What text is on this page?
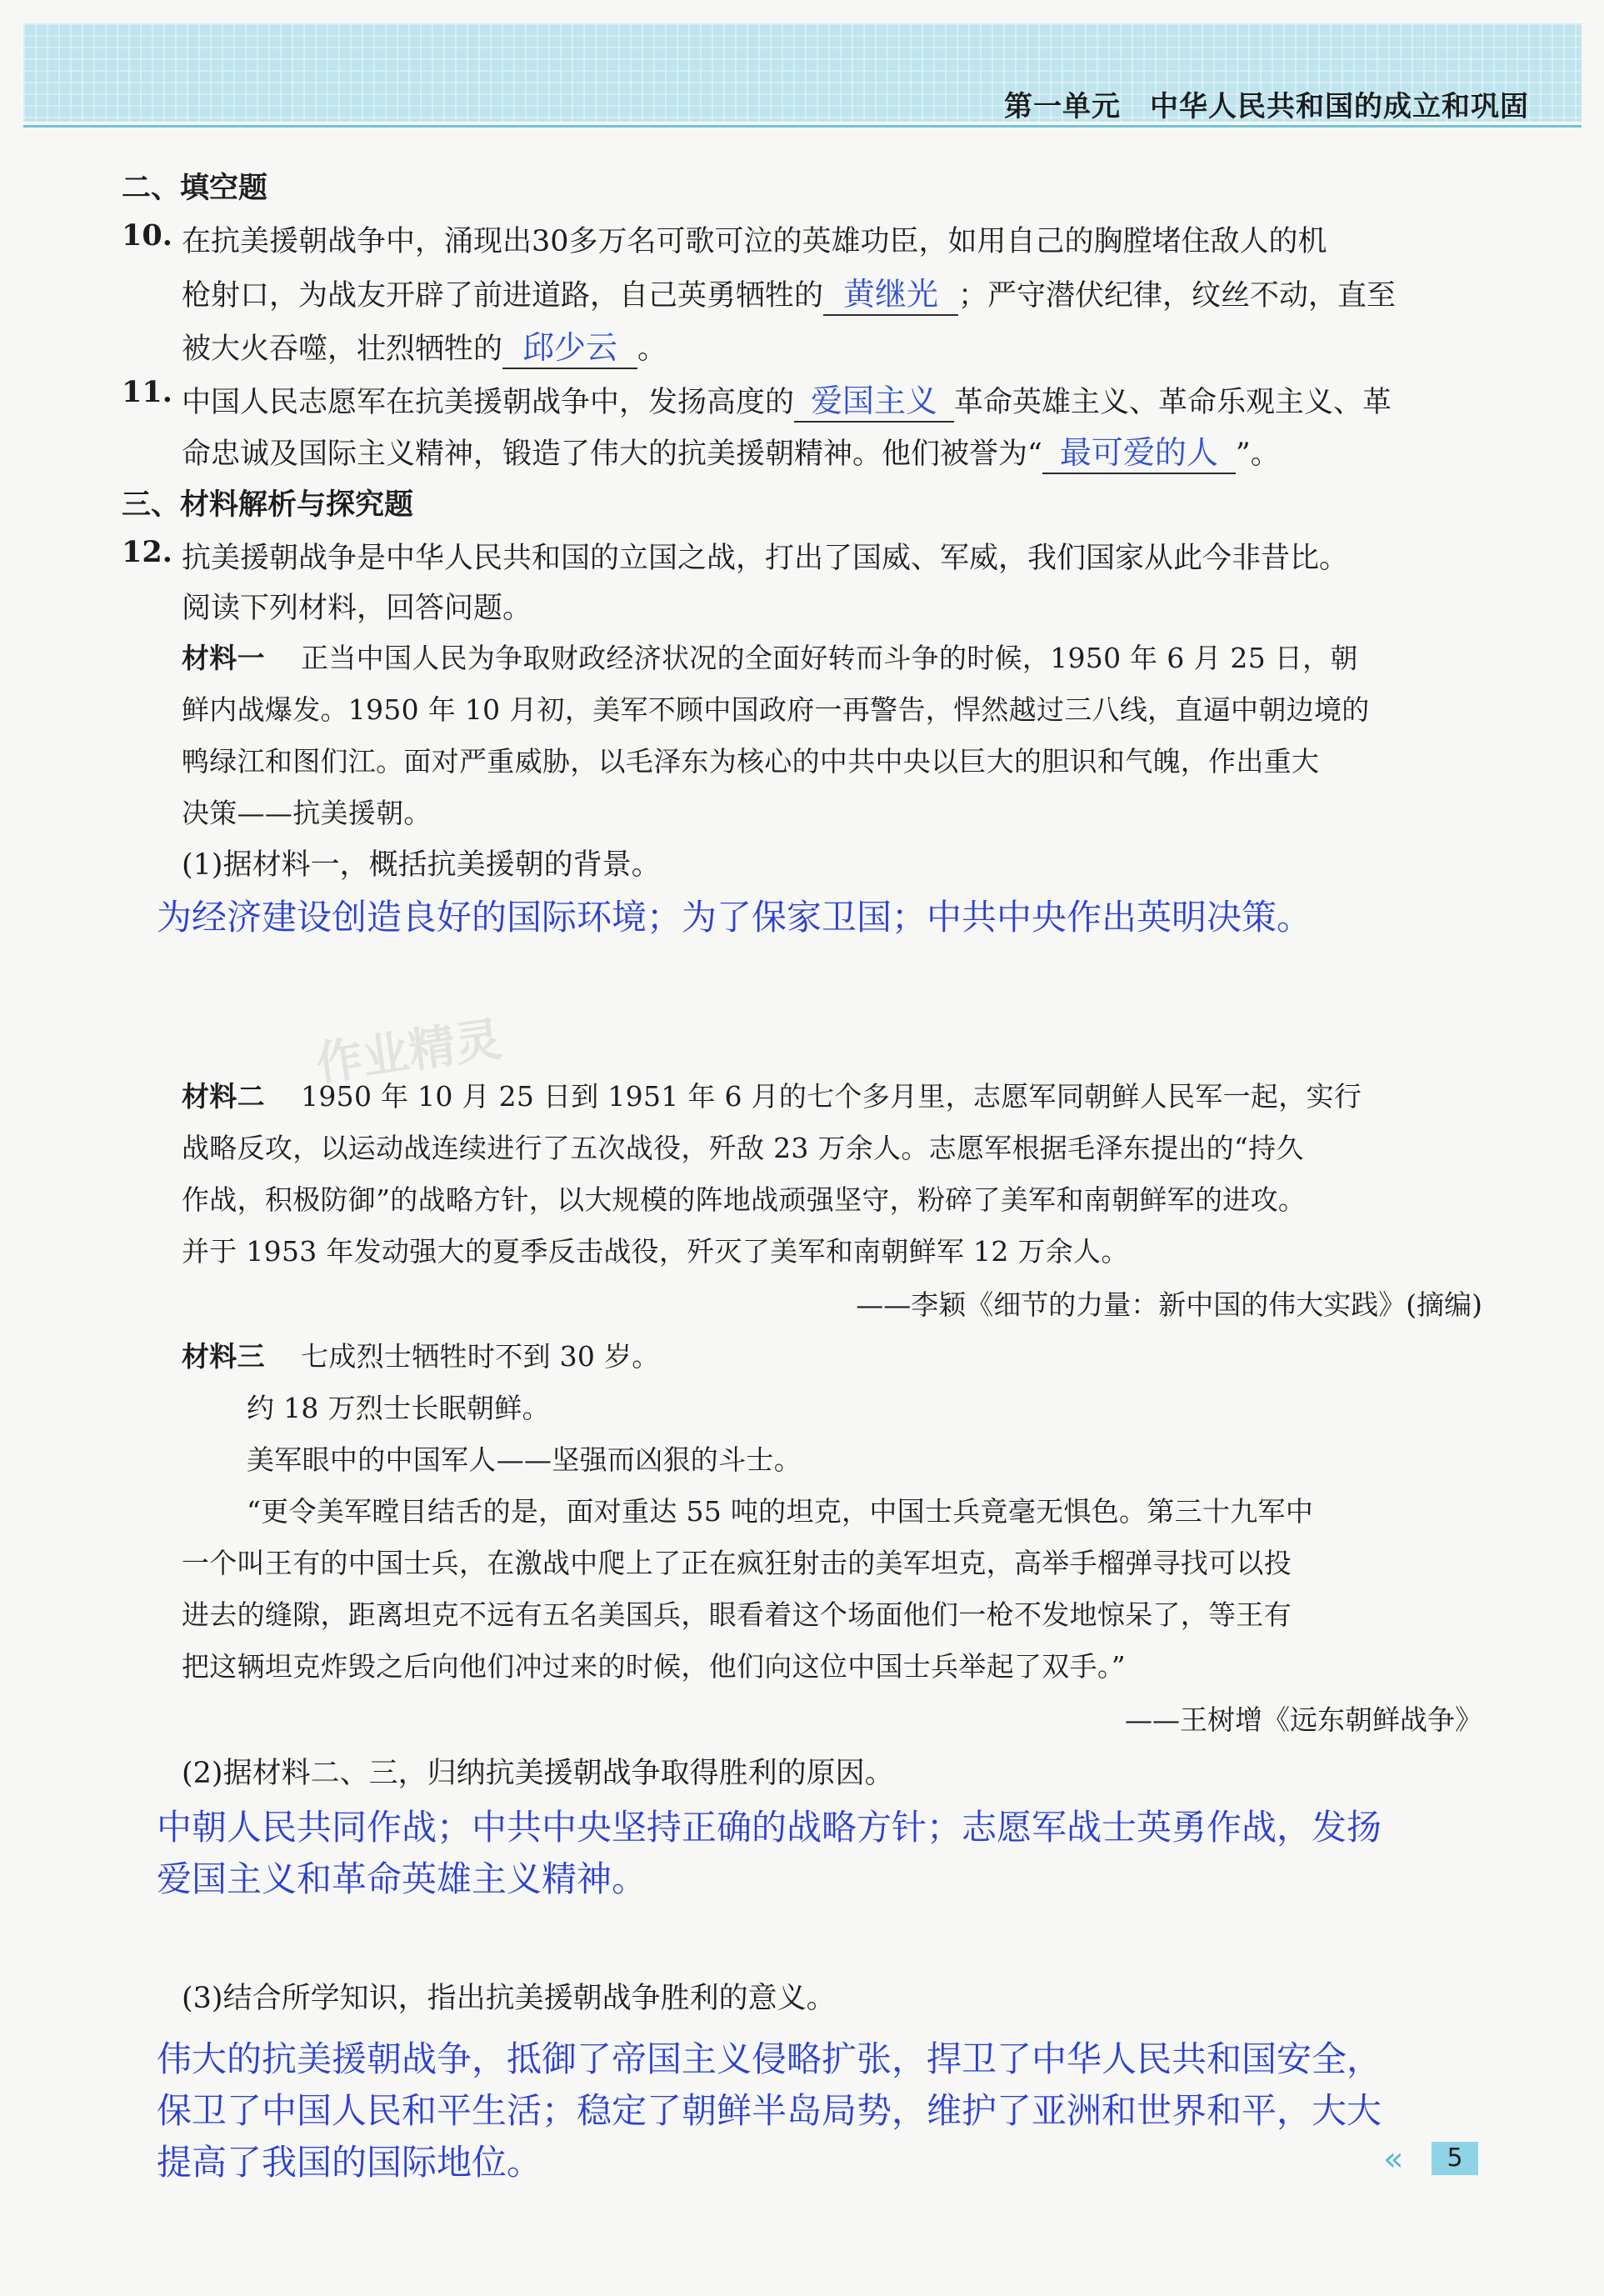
第一单元　中华人民共和国的成立和巩固
二、填空题
10. 在抗美援朝战争中，涌现出30多万名可歌可泣的英雄功臣，如用自己的胸膛堵住敌人的机
枪射口，为战友开辟了前进道路，自己英勇牺牲的 黄继光 ；严守潜伏纪律，纹丝不动，直至
被大火吞噬，壮烈牺牲的 邱少云 。
11. 中国人民志愿军在抗美援朝战争中，发扬高度的 爱国主义 革命英雄主义、革命乐观主义、革
命忠诚及国际主义精神，锻造了伟大的抗美援朝精神。他们被誉为“ 最可爱的人 ”。
三、材料解析与探究题
12. 抗美援朝战争是中华人民共和国的立国之战，打出了国威、军威，我们国家从此今非昔比。
阅读下列材料，回答问题。
材料一 正当中国人民为争取财政经济状况的全面好转而斗争的时候，1950 年 6 月 25 日，朝
鲜内战爆发。1950 年 10 月初，美军不顾中国政府一再警告，悍然越过三八线，直逼中朝边境的
鸭绿江和图们江。面对严重威胁，以毛泽东为核心的中共中央以巨大的胆识和气魄，作出重大
决策——抗美援朝。
(1)据材料一，概括抗美援朝的背景。
为经济建设创造良好的国际环境；为了保家卫国；中共中央作出英明决策。
作业精灵
材料二 1950 年 10 月 25 日到 1951 年 6 月的七个多月里，志愿军同朝鲜人民军一起，实行
战略反攻，以运动战连续进行了五次战役，歼敌 23 万余人。志愿军根据毛泽东提出的“持久
作战，积极防御”的战略方针，以大规模的阵地战顽强坚守，粉碎了美军和南朝鲜军的进攻。
并于 1953 年发动强大的夏季反击战役，歼灭了美军和南朝鲜军 12 万余人。
——李颖《细节的力量：新中国的伟大实践》(摘编)
材料三 七成烈士牺牲时不到 30 岁。
约 18 万烈士长眠朝鲜。
美军眼中的中国军人——坚强而凶狠的斗士。
“更令美军瞠目结舌的是，面对重达 55 吨的坦克，中国士兵竟毫无惧色。第三十九军中
一个叫王有的中国士兵，在激战中爬上了正在疯狂射击的美军坦克，高举手榴弹寻找可以投
进去的缝隙，距离坦克不远有五名美国兵，眼看着这个场面他们一枪不发地惊呆了，等王有
把这辆坦克炸毁之后向他们冲过来的时候，他们向这位中国士兵举起了双手。”
——王树增《远东朝鲜战争》
(2)据材料二、三，归纳抗美援朝战争取得胜利的原因。
中朝人民共同作战；中共中央坚持正确的战略方针；志愿军战士英勇作战，发扬
爱国主义和革命英雄主义精神。
(3)结合所学知识，指出抗美援朝战争胜利的意义。
伟大的抗美援朝战争，抵御了帝国主义侵略扩张，捍卫了中华人民共和国安全，
保卫了中国人民和平生活；稳定了朝鲜半岛局势，维护了亚洲和世界和平，大大
提高了我国的国际地位。	«	5
